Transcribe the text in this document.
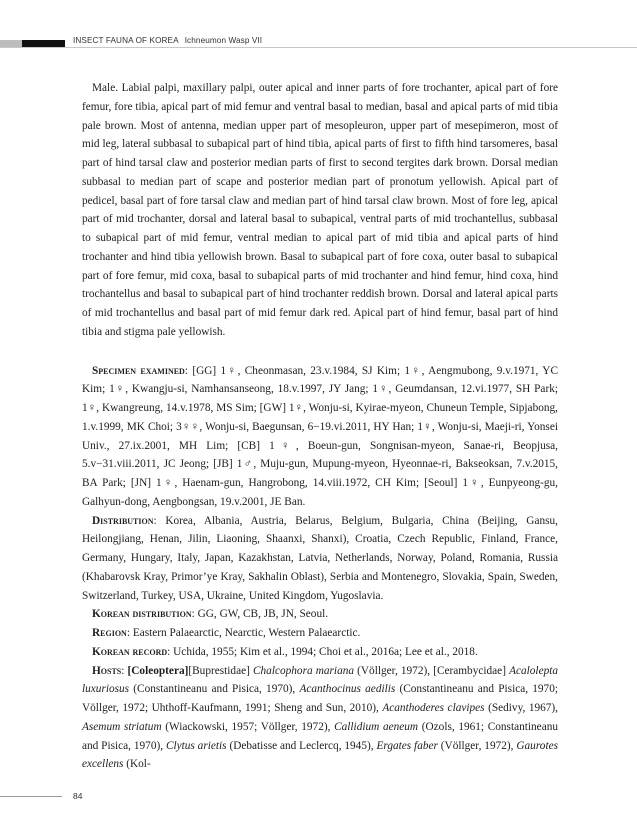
INSECT FAUNA OF KOREA Ichneumon Wasp VII

Male. Labial palpi, maxillary palpi, outer apical and inner parts of fore trochanter, apical part of fore femur, fore tibia, apical part of mid femur and ventral basal to median, basal and apical parts of mid tibia pale brown. Most of antenna, median upper part of mesopleuron, upper part of mesepimeron, most of mid leg, lateral subbasal to subapical part of hind tibia, apical parts of first to fifth hind tarsomeres, basal part of hind tarsal claw and posterior median parts of first to second tergites dark brown. Dorsal median subbasal to median part of scape and posterior median part of pronotum yellowish. Apical part of pedicel, basal part of fore tarsal claw and median part of hind tarsal claw brown. Most of fore leg, apical part of mid trochanter, dorsal and lateral basal to subapical, ventral parts of mid trochantellus, subbasal to subapical part of mid femur, ventral median to apical part of mid tibia and apical parts of hind trochanter and hind tibia yellowish brown. Basal to subapical part of fore coxa, outer basal to subapical part of fore femur, mid coxa, basal to subapical parts of mid trochanter and hind femur, hind coxa, hind trochantellus and basal to subapical part of hind trochanter reddish brown. Dorsal and lateral apical parts of mid trochantellus and basal part of mid femur dark red. Apical part of hind femur, basal part of hind tibia and stigma pale yellowish.

Specimen examined: [GG] 1♀, Cheonmasan, 23.v.1984, SJ Kim; 1♀, Aengmubong, 9.v.1971, YC Kim; 1♀, Kwangju-si, Namhansanseong, 18.v.1997, JY Jang; 1♀, Geumdansan, 12.vi.1977, SH Park; 1♀, Kwangreung, 14.v.1978, MS Sim; [GW] 1♀, Wonju-si, Kyirae-myeon, Chuneun Temple, Sipjabong, 1.v.1999, MK Choi; 3♀♀, Wonju-si, Baegunsan, 6−19.vi.2011, HY Han; 1♀, Wonju-si, Maeji-ri, Yonsei Univ., 27.ix.2001, MH Lim; [CB] 1♀, Boeun-gun, Songnisan-myeon, Sanae-ri, Beopjusa, 5.v−31.viii.2011, JC Jeong; [JB] 1♂, Muju-gun, Mupung-myeon, Hyeonnae-ri, Bakseoksan, 7.v.2015, BA Park; [JN] 1♀, Haenam-gun, Hangrobong, 14.viii.1972, CH Kim; [Seoul] 1♀, Eunpyeong-gu, Galhyun-dong, Aengbongsan, 19.v.2001, JE Ban.

Distribution: Korea, Albania, Austria, Belarus, Belgium, Bulgaria, China (Beijing, Gansu, Heilongjiang, Henan, Jilin, Liaoning, Shaanxi, Shanxi), Croatia, Czech Republic, Finland, France, Germany, Hungary, Italy, Japan, Kazakhstan, Latvia, Netherlands, Norway, Poland, Romania, Russia (Khabarovsk Kray, Primor’ye Kray, Sakhalin Oblast), Serbia and Montenegro, Slovakia, Spain, Sweden, Switzerland, Turkey, USA, Ukraine, United Kingdom, Yugoslavia.

Korean distribution: GG, GW, CB, JB, JN, Seoul.

Region: Eastern Palaearctic, Nearctic, Western Palaearctic.

Korean record: Uchida, 1955; Kim et al., 1994; Choi et al., 2016a; Lee et al., 2018.

Hosts: [Coleoptera][Buprestidae] Chalcophora mariana (Völlger, 1972), [Cerambycidae] Acalolepta luxuriosus (Constantineanu and Pisica, 1970), Acanthocinus aedilis (Constantineanu and Pisica, 1970; Völlger, 1972; Uhthoff-Kaufmann, 1991; Sheng and Sun, 2010), Acanthoderes clavipes (Sedivy, 1967), Asemum striatum (Wiackowski, 1957; Völlger, 1972), Callidium aeneum (Ozols, 1961; Constantineanu and Pisica, 1970), Clytus arietis (Debatisse and Leclercq, 1945), Ergates faber (Völlger, 1972), Gaurotes excellens (Kol-

84
